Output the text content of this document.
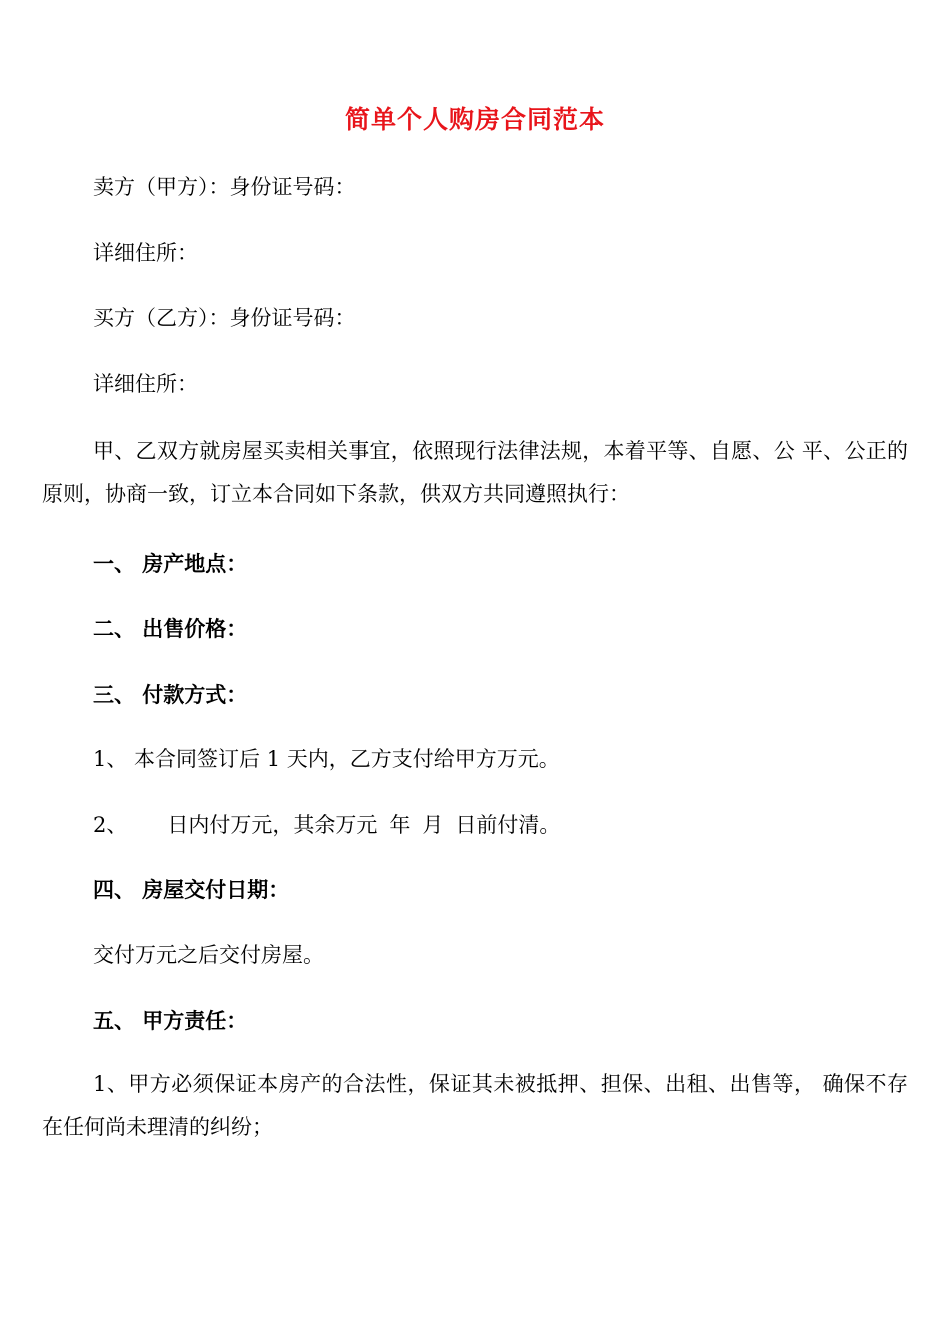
简单个人购房合同范本
卖方（甲方）：身份证号码：
详细住所：
买方（乙方）：身份证号码：
详细住所：
甲、乙双方就房屋买卖相关事宜，依照现行法律法规，本着平等、自愿、公 平、公正的原则，协商一致，订立本合同如下条款，供双方共同遵照执行：
一、 房产地点：
二、 出售价格：
三、 付款方式：
1、 本合同签订后 1 天内，乙方支付给甲方万元。
2、 日内付万元，其余万元 年 月 日前付清。
四、 房屋交付日期：
交付万元之后交付房屋。
五、 甲方责任：
1、甲方必须保证本房产的合法性，保证其未被抵押、担保、出租、出售等， 确保不存在任何尚未理清的纠纷；
